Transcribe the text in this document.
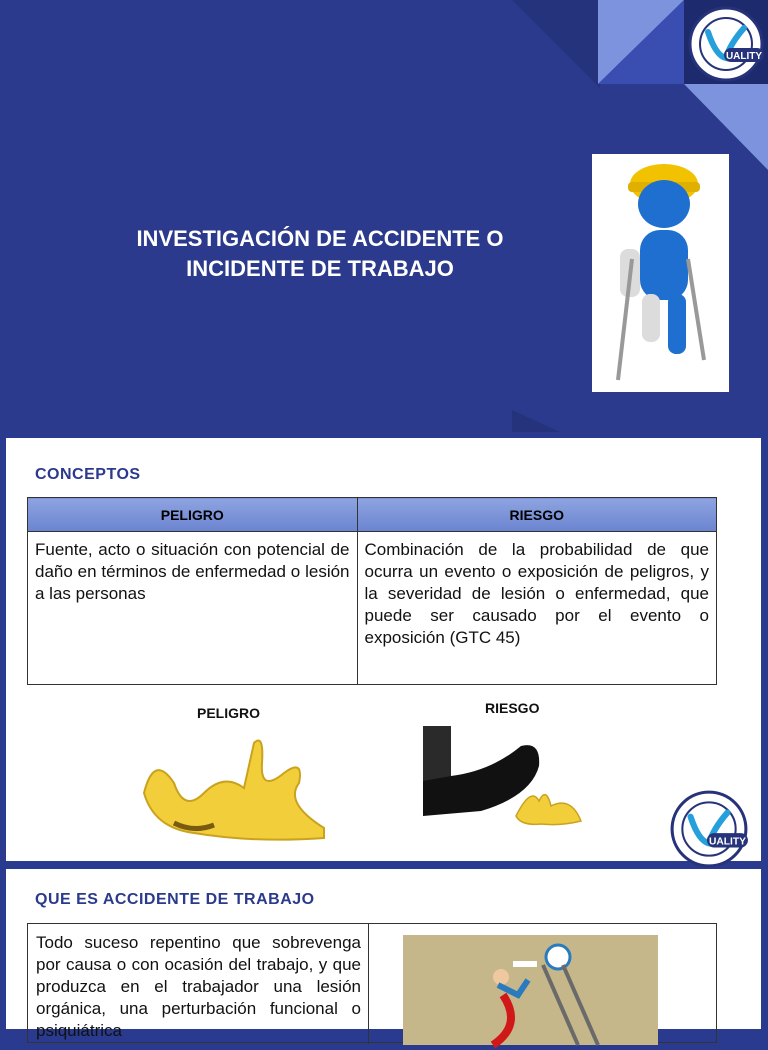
INVESTIGACIÓN DE ACCIDENTE O
INCIDENTE DE TRABAJO
UALITY
CONCEPTOS
PELIGRO	RIESGO
Fuente, acto o situación con potencial de daño en términos de enfermedad o lesión a las personas	Combinación de la probabilidad de que ocurra un evento o exposición de peligros, y la severidad de lesión o enfermedad, que puede ser causado por el evento o exposición (GTC 45)
PELIGRO	RIESGO
UALITY
QUE ES ACCIDENTE DE TRABAJO
Todo suceso repentino que sobrevenga por causa o con ocasión del trabajo, y que produzca en el trabajador una lesión orgánica, una perturbación funcional o psiquiátrica
